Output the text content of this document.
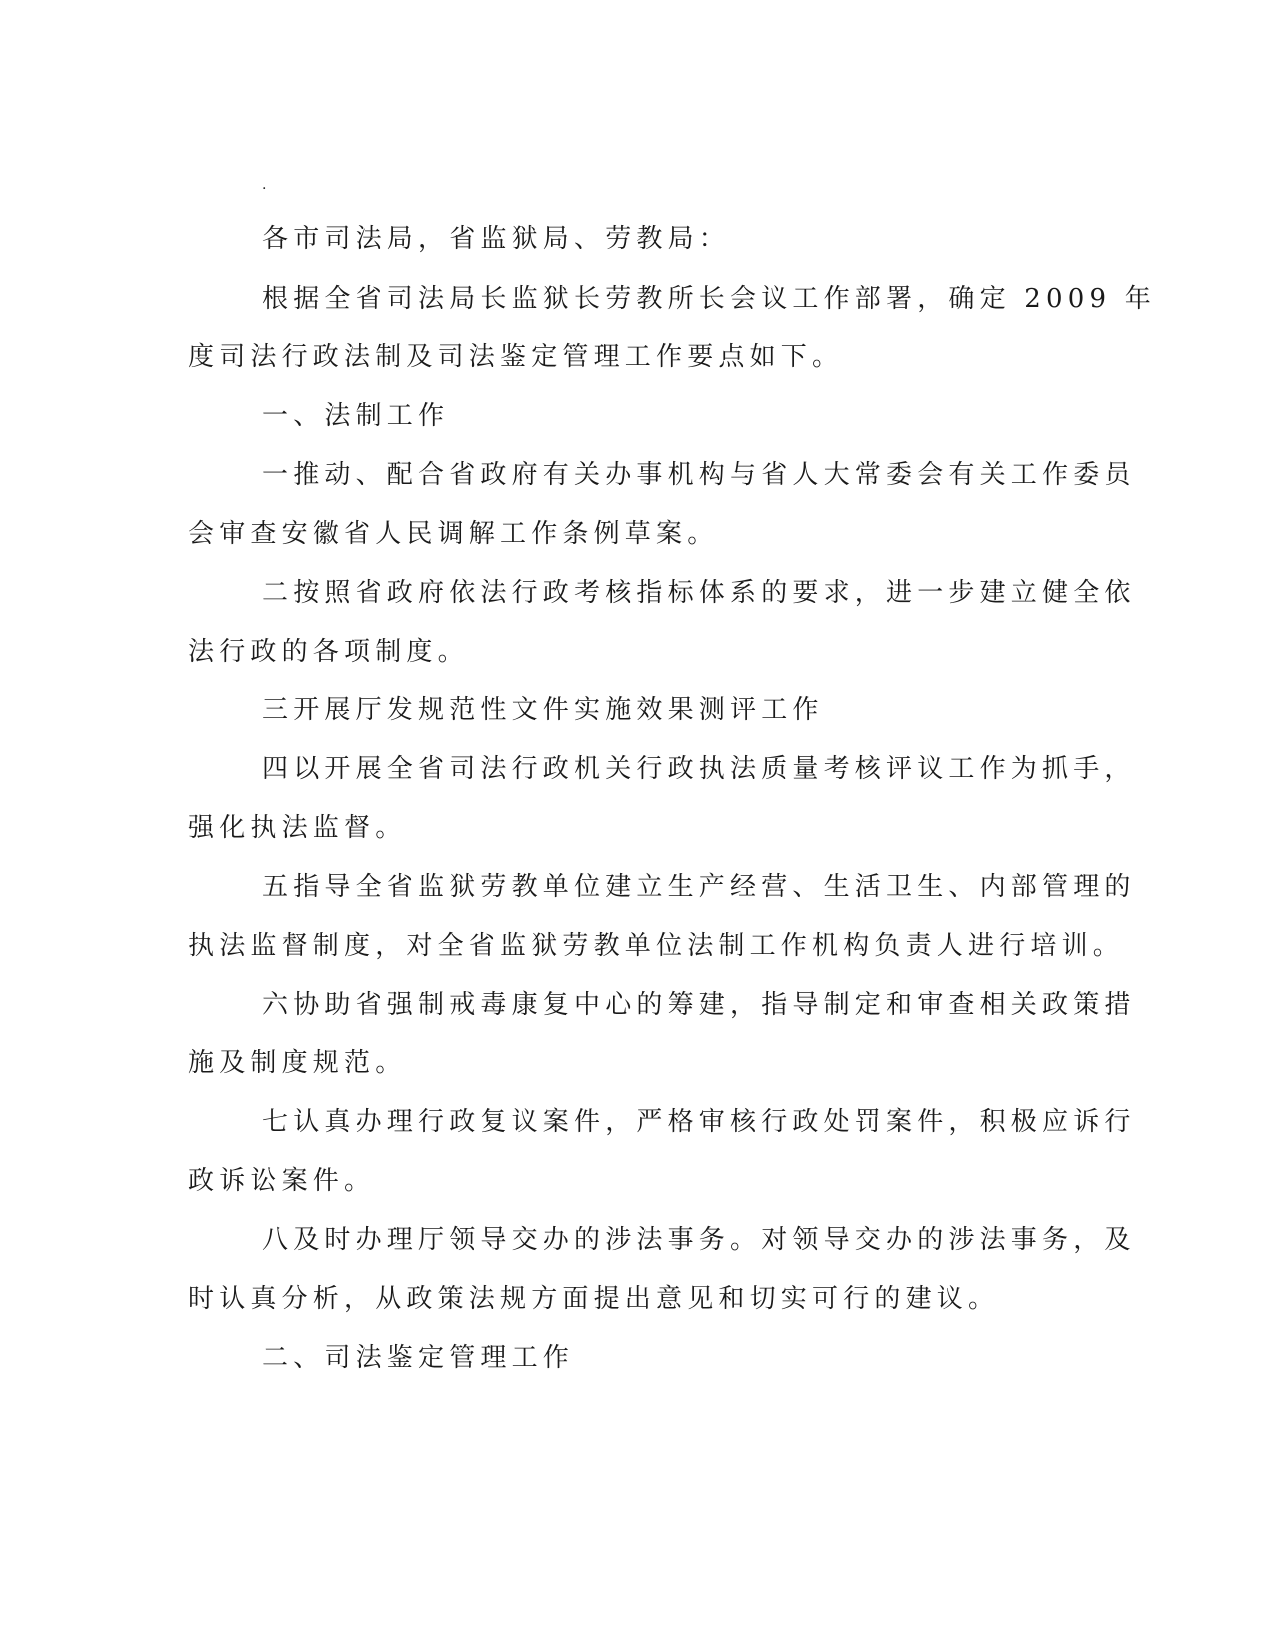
.
各市司法局，省监狱局、劳教局：
根据全省司法局长监狱长劳教所长会议工作部署，确定 2009 年
度司法行政法制及司法鉴定管理工作要点如下。
一、法制工作
一推动、配合省政府有关办事机构与省人大常委会有关工作委员
会审查安徽省人民调解工作条例草案。
二按照省政府依法行政考核指标体系的要求，进一步建立健全依
法行政的各项制度。
三开展厅发规范性文件实施效果测评工作
四以开展全省司法行政机关行政执法质量考核评议工作为抓手，
强化执法监督。
五指导全省监狱劳教单位建立生产经营、生活卫生、内部管理的
执法监督制度，对全省监狱劳教单位法制工作机构负责人进行培训。
六协助省强制戒毒康复中心的筹建，指导制定和审查相关政策措
施及制度规范。
七认真办理行政复议案件，严格审核行政处罚案件，积极应诉行
政诉讼案件。
八及时办理厅领导交办的涉法事务。对领导交办的涉法事务，及
时认真分析，从政策法规方面提出意见和切实可行的建议。
二、司法鉴定管理工作
